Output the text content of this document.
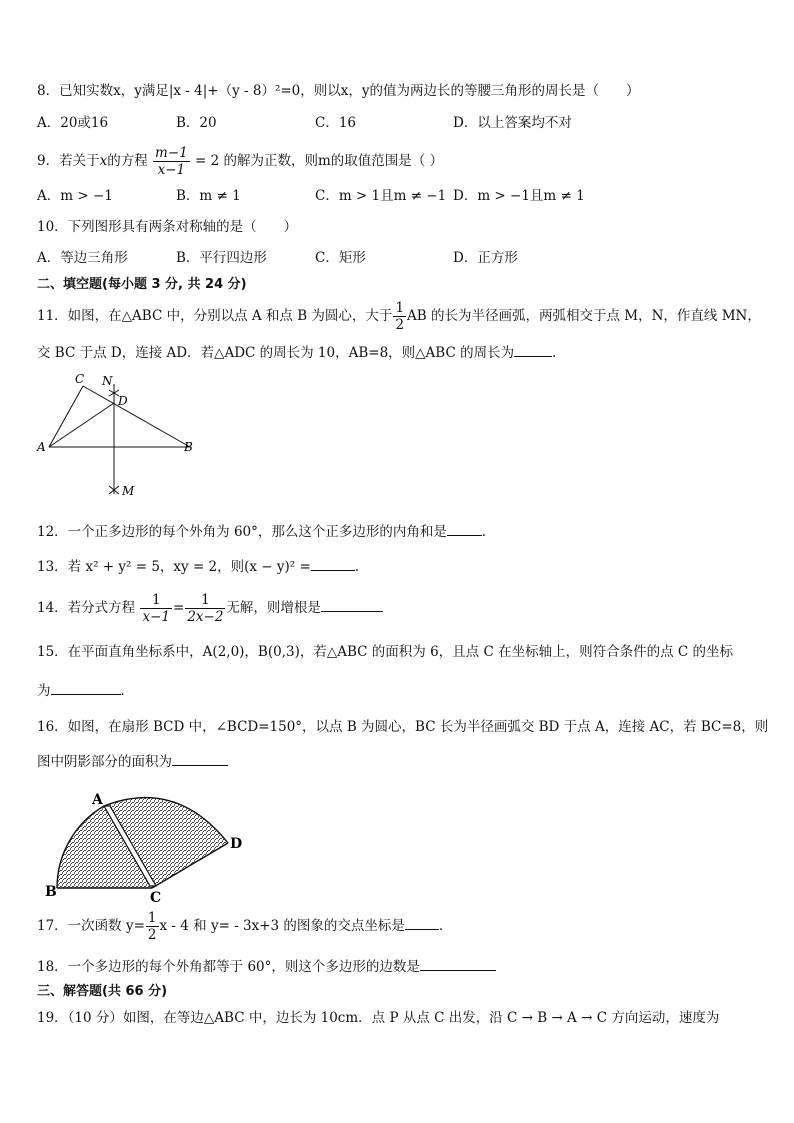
8．已知实数x，y满足|x - 4|+（y - 8）²=0，则以x，y的值为两边长的等腰三角形的周长是（　　）
A．20或16	B．20	C．16	D．以上答案均不对
9．若关于x的方程 $\frac{m-1}{x-1} = 2$ 的解为正数，则m的取值范围是（ ）
A．m > −1	B．m ≠ 1	C．m > 1且m ≠ −1 D．m > −1且m ≠ 1
10．下列图形具有两条对称轴的是（　　）
A．等边三角形	B．平行四边形	C．矩形	D．正方形
二、填空题(每小题 3 分, 共 24 分)
11．如图，在△ABC 中，分别以点 A 和点 B 为圆心，大于 $\frac{1}{2}$ AB 的长为半径画弧，两弧相交于点 M，N，作直线 MN，
交 BC 于点 D，连接 AD．若△ADC 的周长为 10，AB=8，则△ABC 的周长为	．
C N
D
A	B
M
12．一个正多边形的每个外角为 60°，那么这个正多边形的内角和是	．
13．若 x² + y² = 5，xy = 2，则(x − y)² =	．
14．若分式方程 $\frac{1}{x-1} = \frac{1}{2x-2}$ 无解，则增根是
15．在平面直角坐标系中，A(2,0)，B(0,3)，若△ABC 的面积为 6，且点 C 在坐标轴上，则符合条件的点 C 的坐标
为	．
16．如图，在扇形 BCD 中，∠BCD=150°，以点 B 为圆心，BC 长为半径画弧交 BD 于点 A，连接 AC，若 BC=8，则
图中阴影部分的面积为
A
D
B	C
17．一次函数 $y= \frac{1}{2}$ x - 4 和 y= - 3x+3 的图象的交点坐标是	．
18．一个多边形的每个外角都等于 60°，则这个多边形的边数是
三、解答题(共 66 分)
19．（10 分）如图，在等边△ABC 中，边长为 10cm．点 P 从点 C 出发，沿 C → B → A → C 方向运动，速度为
